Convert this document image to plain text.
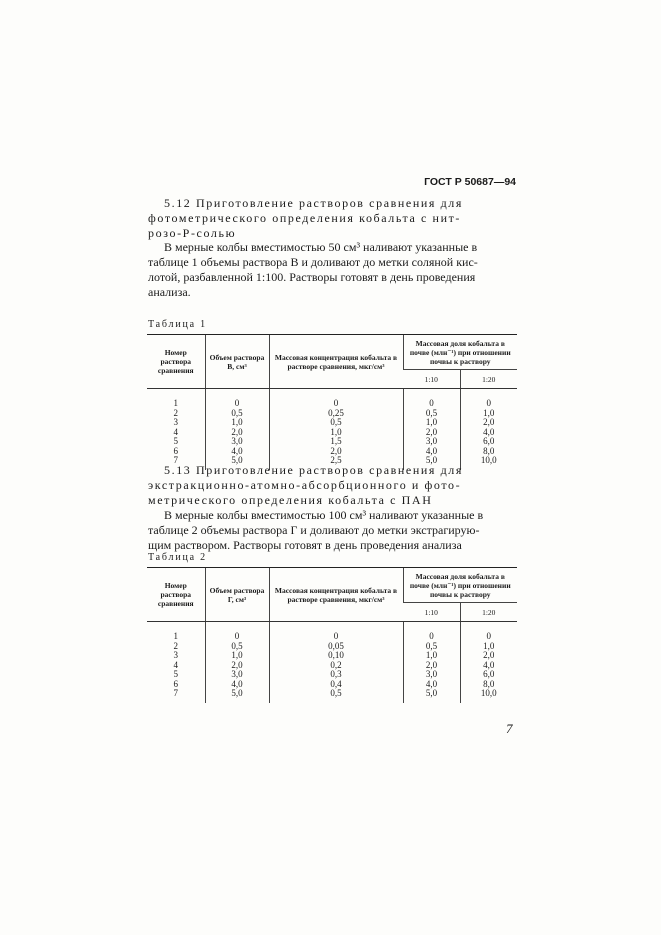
ГОСТ Р 50687—94
5.12 Приготовление растворов сравнения для
фотометрического определения кобальта с нит-
розо-Р-солью
В мерные колбы вместимостью 50 см³ наливают указанные в
таблице 1 объемы раствора В и доливают до метки соляной кис-
лотой, разбавленной 1:100. Растворы готовят в день проведения
анализа.
Таблица 1
Номер раствора сравнения	Объем раствора В, см³	Массовая концентрация кобальта в растворе сравнения, мкг/см³	Массовая доля кобальта в почве (млн⁻¹) при отношении почвы к раствору	
			1:10	1:20
1	0	0	0	0
2	0,5	0,25	0,5	1,0
3	1,0	0,5	1,0	2,0
4	2,0	1,0	2,0	4,0
5	3,0	1,5	3,0	6,0
6	4,0	2,0	4,0	8,0
7	5,0	2,5	5,0	10,0
5.13 Приготовление растворов сравнения для
экстракционно-атомно-абсорбционного и фото-
метрического определения кобальта с ПАН
В мерные колбы вместимостью 100 см³ наливают указанные в
таблице 2 объемы раствора Г и доливают до метки экстрагирую-
щим раствором. Растворы готовят в день проведения анализа
Таблица 2
Номер раствора сравнения	Объем раствора Г, см³	Массовая концентрация кобальта в растворе сравнения, мкг/см³	Массовая доля кобальта в почве (млн⁻¹) при отношении почвы к раствору	
			1:10	1:20
1	0	0	0	0
2	0,5	0,05	0,5	1,0
3	1,0	0,10	1,0	2,0
4	2,0	0,2	2,0	4,0
5	3,0	0,3	3,0	6,0
6	4,0	0,4	4,0	8,0
7	5,0	0,5	5,0	10,0
7
